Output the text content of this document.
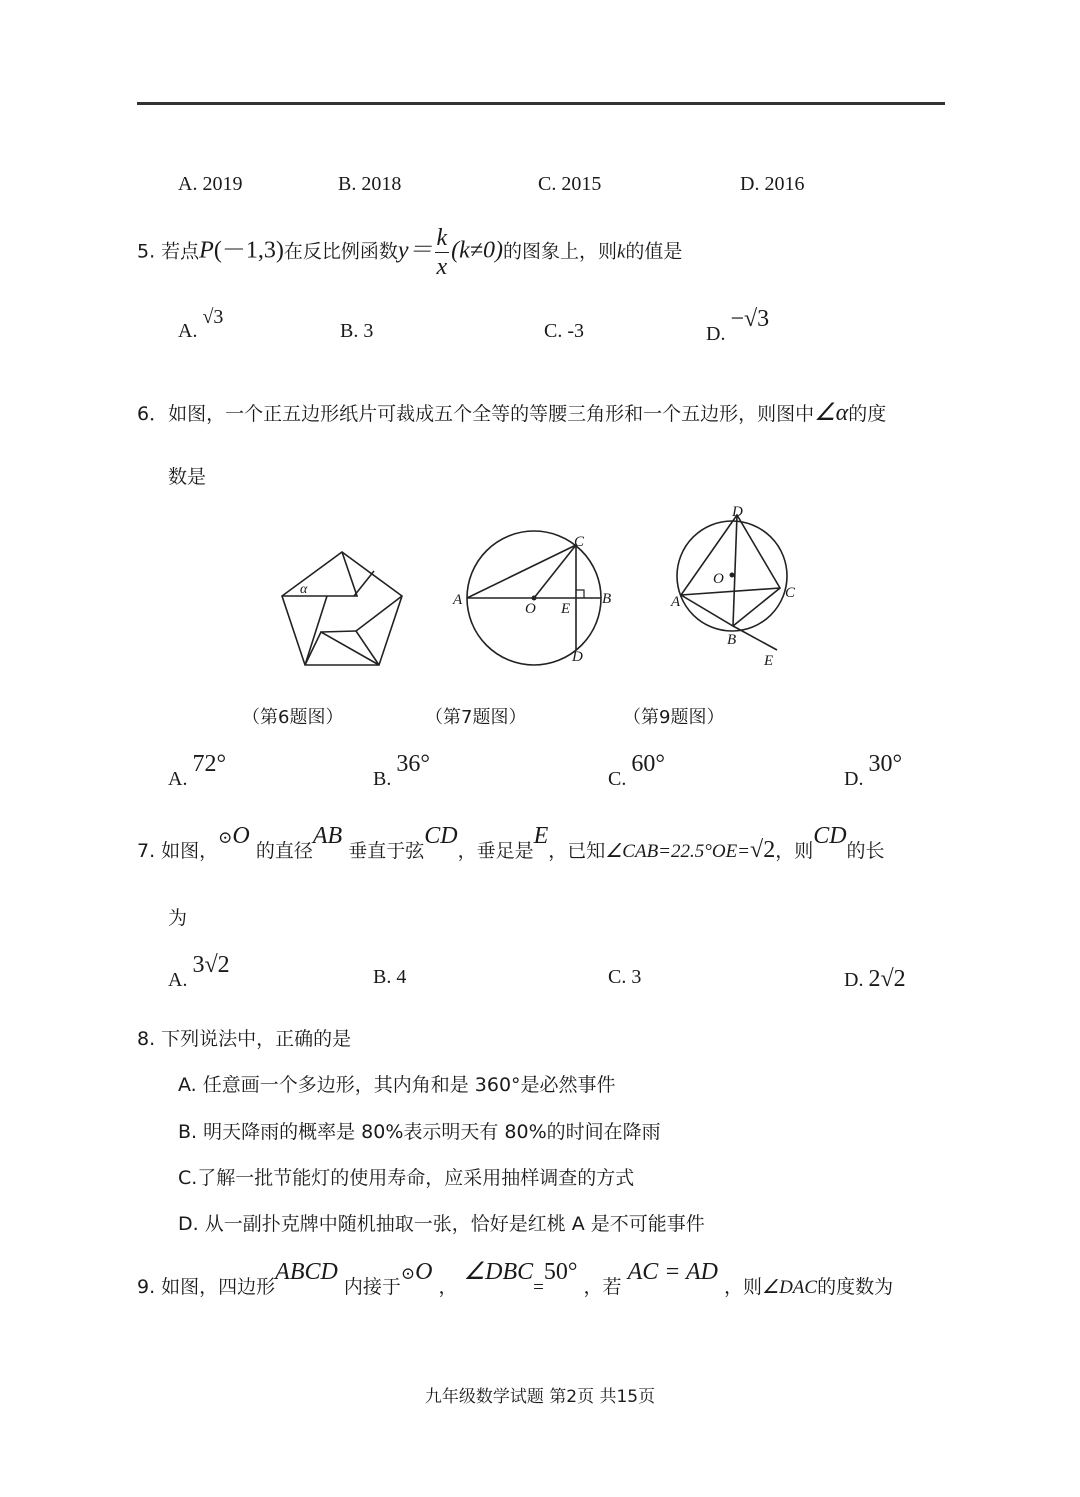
A. 2019	B. 2018	C. 2015	D. 2016
5. 若点P(－1,3)在反比例函数$y= \frac{k}{x} (k\ne 0)$的图象上，则k的值是
A. √3
B. 3	C. -3	D. −√3
6．如图，一个正五边形纸片可裁成五个全等的等腰三角形和一个五边形，则图中∠α的度
数是
α
A	B
C
D
O E	A
B
C
D
O
E
（第6题图）	（第7题图）	（第9题图）
A. 72°
B. 36°
C. 60°
D. 30°
7. 如图，⊙O 的直径AB 垂直于弦CD，垂足是E，已知∠CAB=22.5°OE=√2，则CD的长
为
A. 3√2	B. 4	C. 3	D. 2√2
8. 下列说法中，正确的是
A. 任意画一个多边形，其内角和是 360°是必然事件
B. 明天降雨的概率是 80%表示明天有 80%的时间在降雨
C.了解一批节能灯的使用寿命，应采用抽样调查的方式
D. 从一副扑克牌中随机抽取一张，恰好是红桃 A 是不可能事件
9. 如图，四边形ABCD 内接于⊙O ， ∠DBC=50° ，若 AC = AD ，则∠DAC的度数为
九年级数学试题 第2页 共15页
